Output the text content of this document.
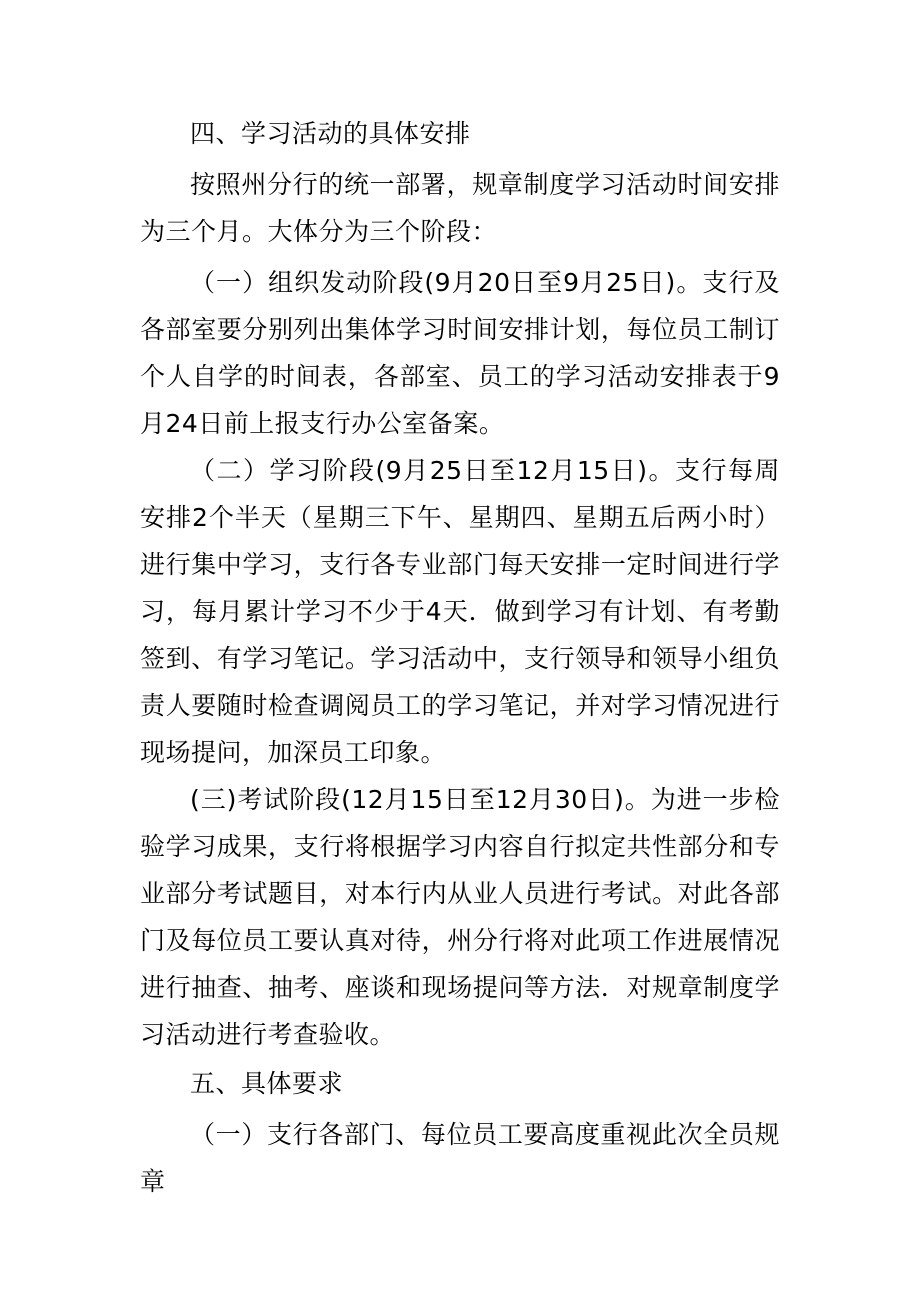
四、学习活动的具体安排

按照州分行的统一部署，规章制度学习活动时间安排为三个月。大体分为三个阶段：

（一）组织发动阶段(9月20日至9月25日)。支行及各部室要分别列出集体学习时间安排计划，每位员工制订个人自学的时间表，各部室、员工的学习活动安排表于9月24日前上报支行办公室备案。

（二）学习阶段(9月25日至12月15日)。支行每周安排2个半天（星期三下午、星期四、星期五后两小时）进行集中学习，支行各专业部门每天安排一定时间进行学习，每月累计学习不少于4天．做到学习有计划、有考勤签到、有学习笔记。学习活动中，支行领导和领导小组负责人要随时检查调阅员工的学习笔记，并对学习情况进行现场提问，加深员工印象。

(三)考试阶段(12月15日至12月30日)。为进一步检验学习成果，支行将根据学习内容自行拟定共性部分和专业部分考试题目，对本行内从业人员进行考试。对此各部门及每位员工要认真对待，州分行将对此项工作进展情况进行抽查、抽考、座谈和现场提问等方法．对规章制度学习活动进行考查验收。

五、具体要求

（一）支行各部门、每位员工要高度重视此次全员规章
